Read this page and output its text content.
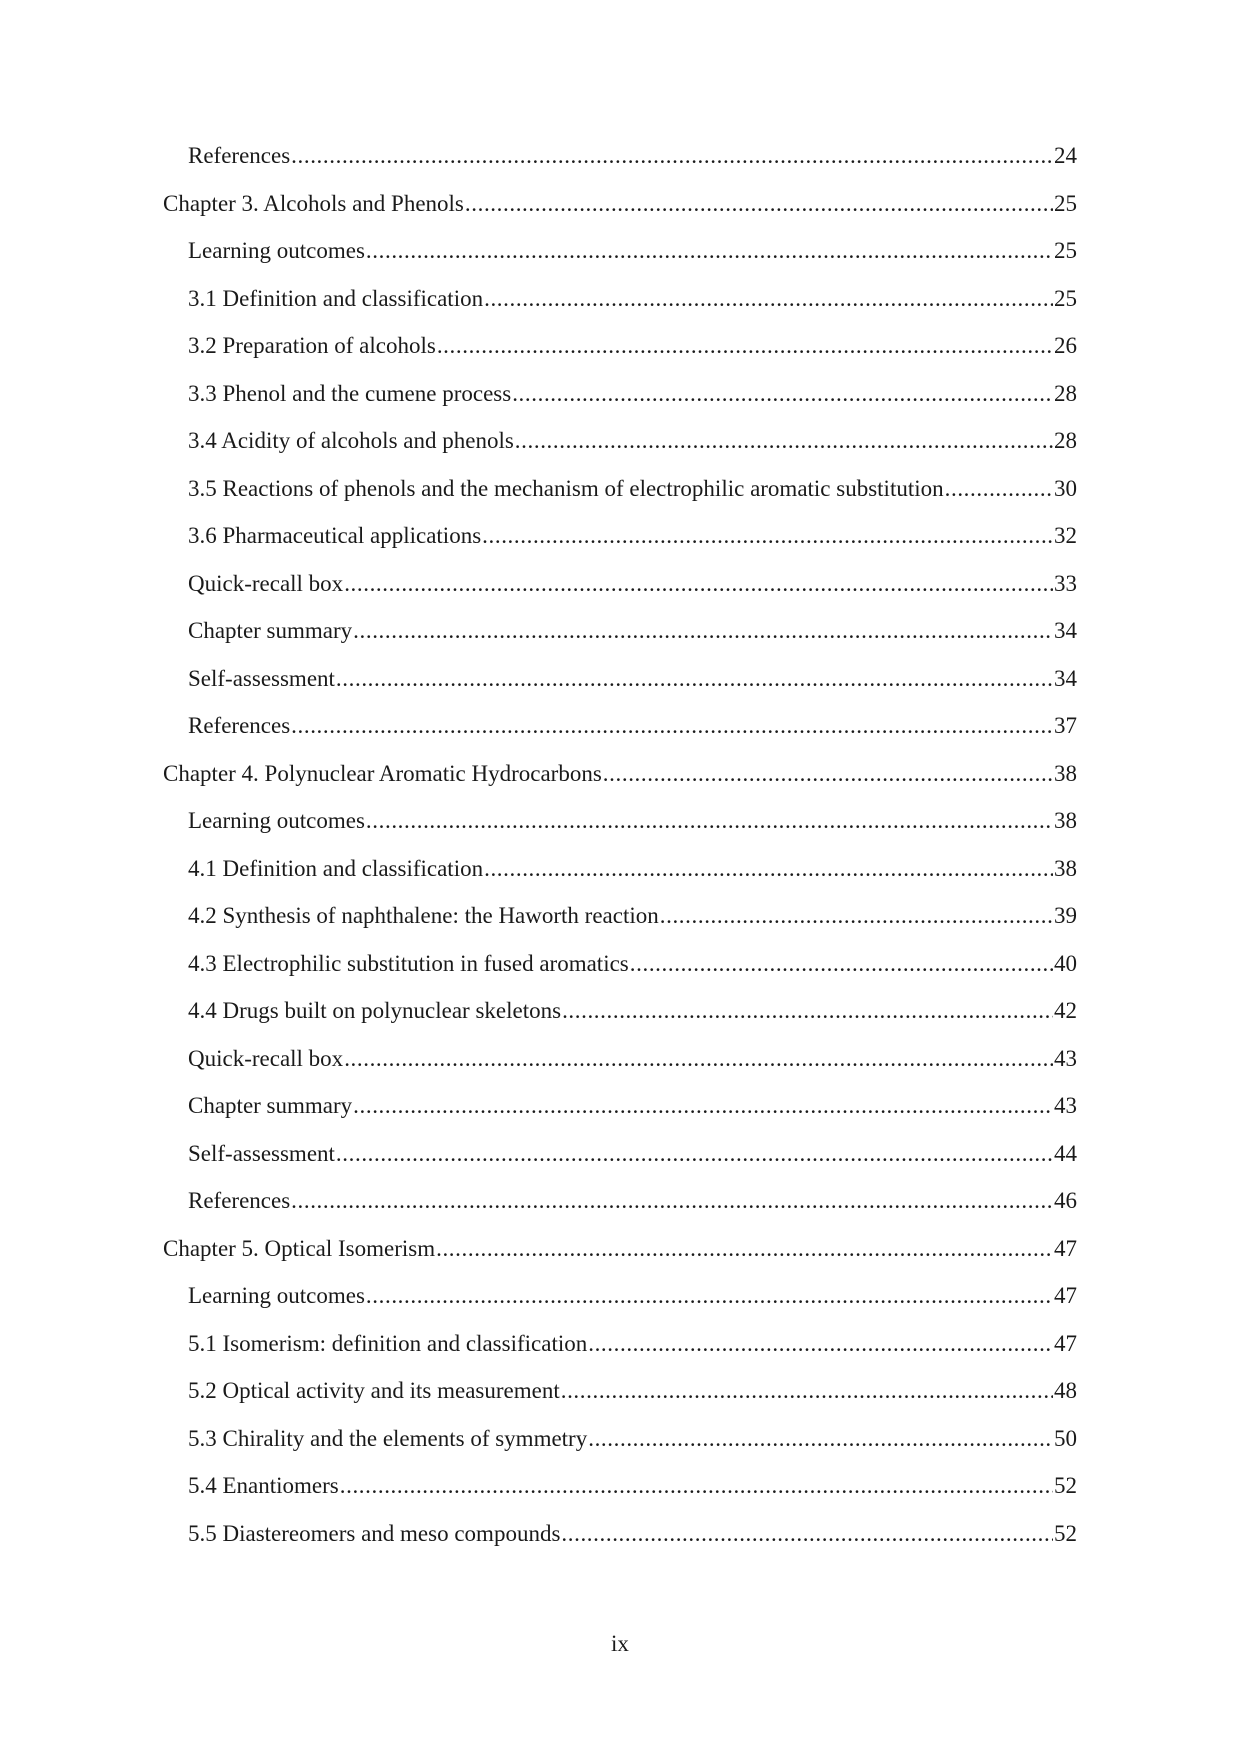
References .....	24
Chapter 3. Alcohols and Phenols .....	25
Learning outcomes .....	25
3.1 Definition and classification .....	25
3.2 Preparation of alcohols .....	26
3.3 Phenol and the cumene process .....	28
3.4 Acidity of alcohols and phenols .....	28
3.5 Reactions of phenols and the mechanism of electrophilic aromatic substitution .....	30
3.6 Pharmaceutical applications .....	32
Quick-recall box .....	33
Chapter summary .....	34
Self-assessment .....	34
References .....	37
Chapter 4. Polynuclear Aromatic Hydrocarbons .....	38
Learning outcomes .....	38
4.1 Definition and classification .....	38
4.2 Synthesis of naphthalene: the Haworth reaction .....	39
4.3 Electrophilic substitution in fused aromatics .....	40
4.4 Drugs built on polynuclear skeletons .....	42
Quick-recall box .....	43
Chapter summary .....	43
Self-assessment .....	44
References .....	46
Chapter 5. Optical Isomerism .....	47
Learning outcomes .....	47
5.1 Isomerism: definition and classification .....	47
5.2 Optical activity and its measurement .....	48
5.3 Chirality and the elements of symmetry .....	50
5.4 Enantiomers .....	52
5.5 Diastereomers and meso compounds .....	52
ix
